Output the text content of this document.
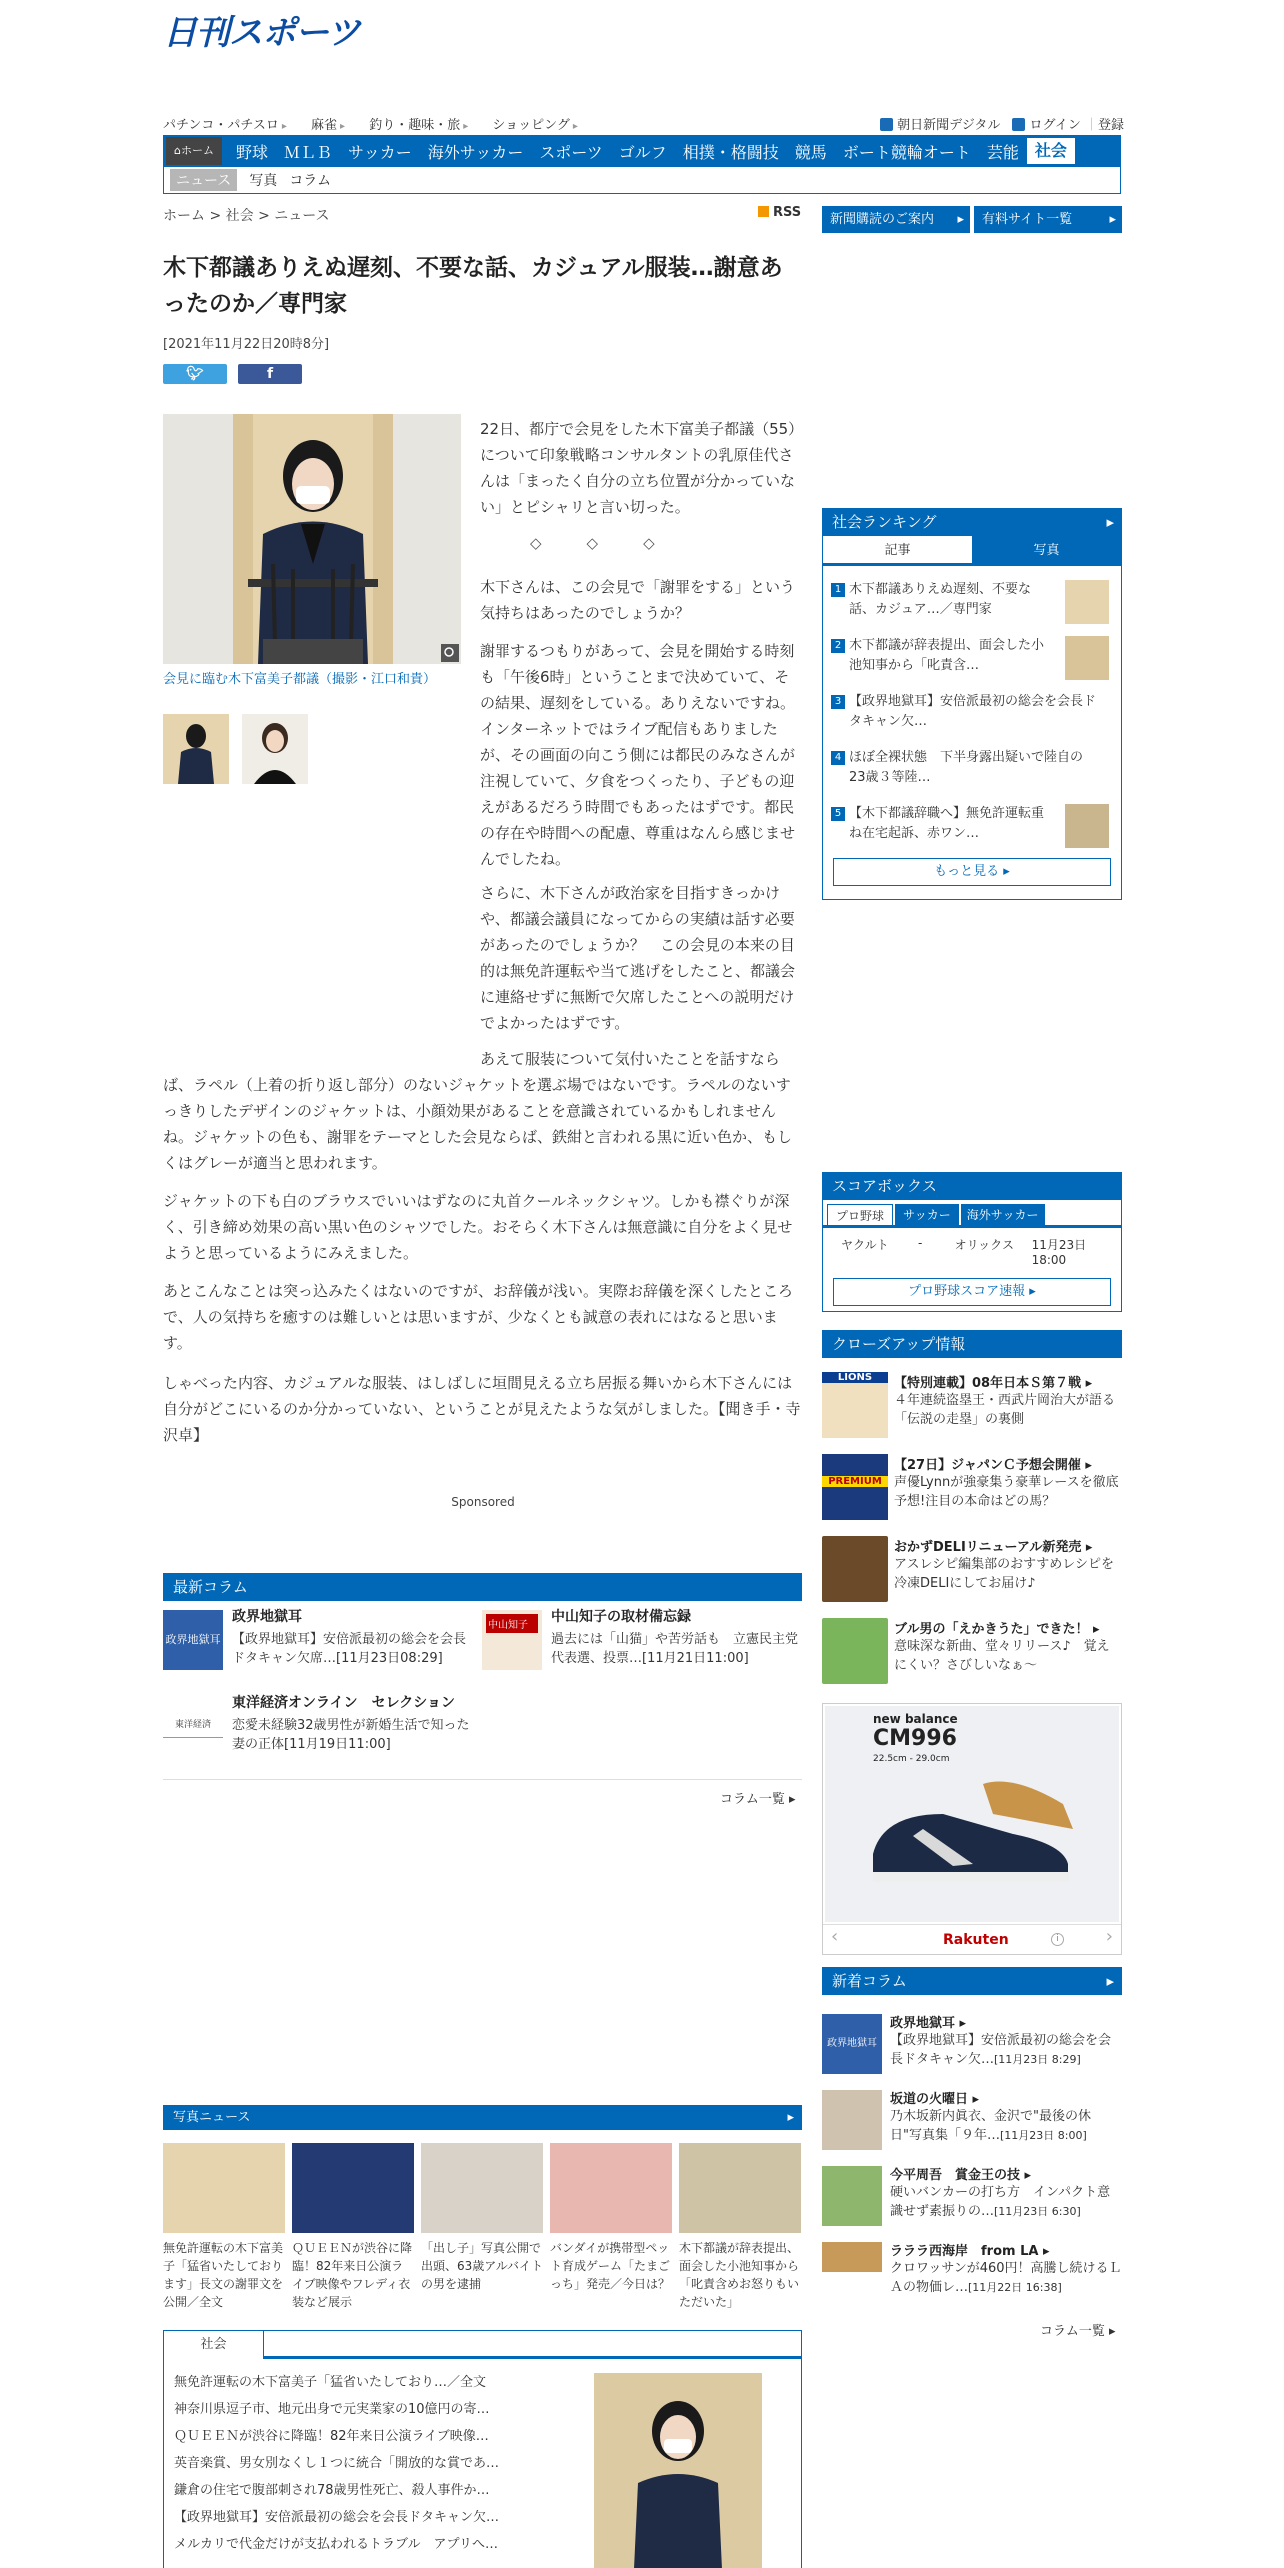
日刊スポーツ
パチンコ・パチスロ ▸ 麻雀 ▸ 釣り・趣味・旅 ▸ ショッピング ▸	朝日新聞デジタル ログイン ｜登録
⌂ホーム	野球	ＭＬＢ	サッカー	海外サッカー	スポーツ	ゴルフ	相撲・格闘技	競馬	ボート競輪オート	芸能	社会
ニュース	写真 コラム
ホーム > 社会 > ニュース	RSS	新聞購読のご案内 ▸	有料サイト一覧 ▸
木下都議ありえぬ遅刻、不要な話、カジュアル服装…謝意あったのか／専門家
[2021年11月22日20時8分]
🐦︎	f
会見に臨む木下富美子都議（撮影・江口和貴）

22日、都庁で会見をした木下富美子都議（55）について印象戦略コンサルタントの乳原佳代さんは「まったく自分の立ち位置が分かっていない」とピシャリと言い切った。

◇　　　◇　　　◇

木下さんは、この会見で「謝罪をする」という気持ちはあったのでしょうか？

謝罪するつもりがあって、会見を開始する時刻も「午後6時」ということまで決めていて、その結果、遅刻をしている。ありえないですね。インターネットではライブ配信もありましたが、その画面の向こう側には都民のみなさんが注視していて、夕食をつくったり、子どもの迎えがあるだろう時間でもあったはずです。都民の存在や時間への配慮、尊重はなんら感じませんでしたね。

さらに、木下さんが政治家を目指すきっかけや、都議会議員になってからの実績は話す必要があったのでしょうか？　この会見の本来の目的は無免許運転や当て逃げをしたこと、都議会に連絡せずに無断で欠席したことへの説明だけでよかったはずです。

あえて服装について気付いたことを話すならば、ラペル（上着の折り返し部分）のないジャケットを選ぶ場ではないです。ラペルのないすっきりしたデザインのジャケットは、小顔効果があることを意識されているかもしれませんね。ジャケットの色も、謝罪をテーマとした会見ならば、鉄紺と言われる黒に近い色か、もしくはグレーが適当と思われます。

ジャケットの下も白のブラウスでいいはずなのに丸首クールネックシャツ。しかも襟ぐりが深く、引き締め効果の高い黒い色のシャツでした。おそらく木下さんは無意識に自分をよく見せようと思っているようにみえました。

あとこんなことは突っ込みたくはないのですが、お辞儀が浅い。実際お辞儀を深くしたところで、人の気持ちを癒すのは難しいとは思いますが、少なくとも誠意の表れにはなると思います。

しゃべった内容、カジュアルな服装、はしばしに垣間見える立ち居振る舞いから木下さんには自分がどこにいるのか分かっていない、ということが見えたような気がしました。【聞き手・寺沢卓】

Sponsored
最新コラム
政界地獄耳
政界地獄耳
【政界地獄耳】安倍派最初の総会を会長ドタキャン欠席…[11月23日08:29]
中山知子
中山知子の取材備忘録
過去には「山猫」や苦労話も　立憲民主党代表選、投票…[11月21日11:00]
東洋経済
東洋経済オンライン　セレクション
恋愛未経験32歳男性が新婚生活で知った妻の正体[11月19日11:00]
コラム一覧 ▸
写真ニュース ▸
無免許運転の木下富美子「猛省いたしております」長文の謝罪文を公開／全文
ＱＵＥＥＮが渋谷に降臨！82年来日公演ライブ映像やフレディ衣装など展示
「出し子」写真公開で出頭、63歳アルバイトの男を逮捕
バンダイが携帯型ペット育成ゲーム「たまごっち」発売／今日は？
木下都議が辞表提出、面会した小池知事から「叱責含めお怒りもいただいた」
社会
無免許運転の木下富美子「猛省いたしており…／全文
神奈川県逗子市、地元出身で元実業家の10億円の寄…
ＱＵＥＥＮが渋谷に降臨！82年来日公演ライブ映像…
英音楽賞、男女別なくし１つに統合「開放的な賞であ…
鎌倉の住宅で腹部刺され78歳男性死亡、殺人事件か…
【政界地獄耳】安倍派最初の総会を会長ドタキャン欠…
メルカリで代金だけが支払われるトラブル　アプリへ…
社会ランキング ▸
記事	写真
1 木下都議ありえぬ遅刻、不要な話、カジュア…／専門家
2 木下都議が辞表提出、面会した小池知事から「叱責含…
3 【政界地獄耳】安倍派最初の総会を会長ドタキャン欠…
4 ほぼ全裸状態　下半身露出疑いで陸自の23歳３等陸…
5 【木下都議辞職へ】無免許運転重ね在宅起訴、赤ワン…
もっと見る ▸
スコアボックス
プロ野球	サッカー	海外サッカー
ヤクルト	-	オリックス	11月23日 18:00
プロ野球スコア速報 ▸
クローズアップ情報
LIONS	【特別連載】08年日本Ｓ第７戦 ▸
４年連続盗塁王・西武片岡治大が語る「伝説の走塁」の裏側
PREMIUM
【27日】ジャパンＣ予想会開催 ▸
声優Lynnが強豪集う豪華レースを徹底予想!注目の本命はどの馬？
おかずDELIリニューアル新発売 ▸
アスレシピ編集部のおすすめレシピを冷凍DELIにしてお届け♪
ブル男の「えかきうた」できた！ ▸
意味深な新曲、堂々リリース♪　覚えにくい？さびしいなぁ～
new balance
CM996
22.5cm - 29.0cm
‹	›
Rakuten	i
新着コラム ▸
政界地獄耳
政界地獄耳 ▸
【政界地獄耳】安倍派最初の総会を会長ドタキャン欠…[11月23日 8:29]
坂道の火曜日 ▸
乃木坂新内眞衣、金沢で"最後の休日"写真集「９年…[11月23日 8:00]
今平周吾　賞金王の技 ▸
硬いバンカーの打ち方　インパクト意識せず素振りの…[11月23日 6:30]
ラララ西海岸　from LA ▸
クロワッサンが460円！高騰し続けるＬＡの物価レ…[11月22日 16:38]
コラム一覧 ▸
